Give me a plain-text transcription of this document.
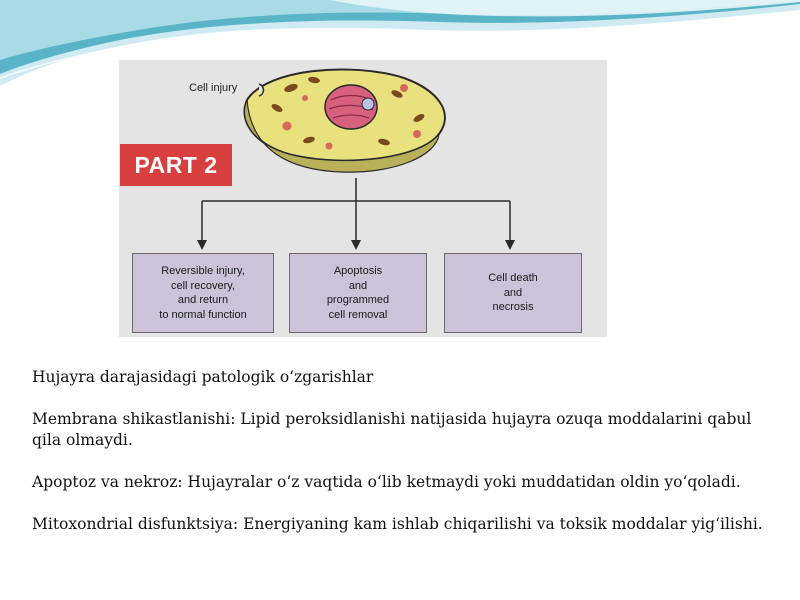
Cell injury
PART 2
Reversible injury,
cell recovery,
and return
to normal function
Apoptosis
and
programmed
cell removal
Cell death
and
necrosis

Hujayra darajasidagi patologik o‘zgarishlar

Membrana shikastlanishi: Lipid peroksidlanishi natijasida hujayra ozuqa moddalarini qabul qila olmaydi.

Apoptoz va nekroz: Hujayralar o‘z vaqtida o‘lib ketmaydi yoki muddatidan oldin yo‘qoladi.

Mitoxondrial disfunktsiya: Energiyaning kam ishlab chiqarilishi va toksik moddalar yig‘ilishi.
